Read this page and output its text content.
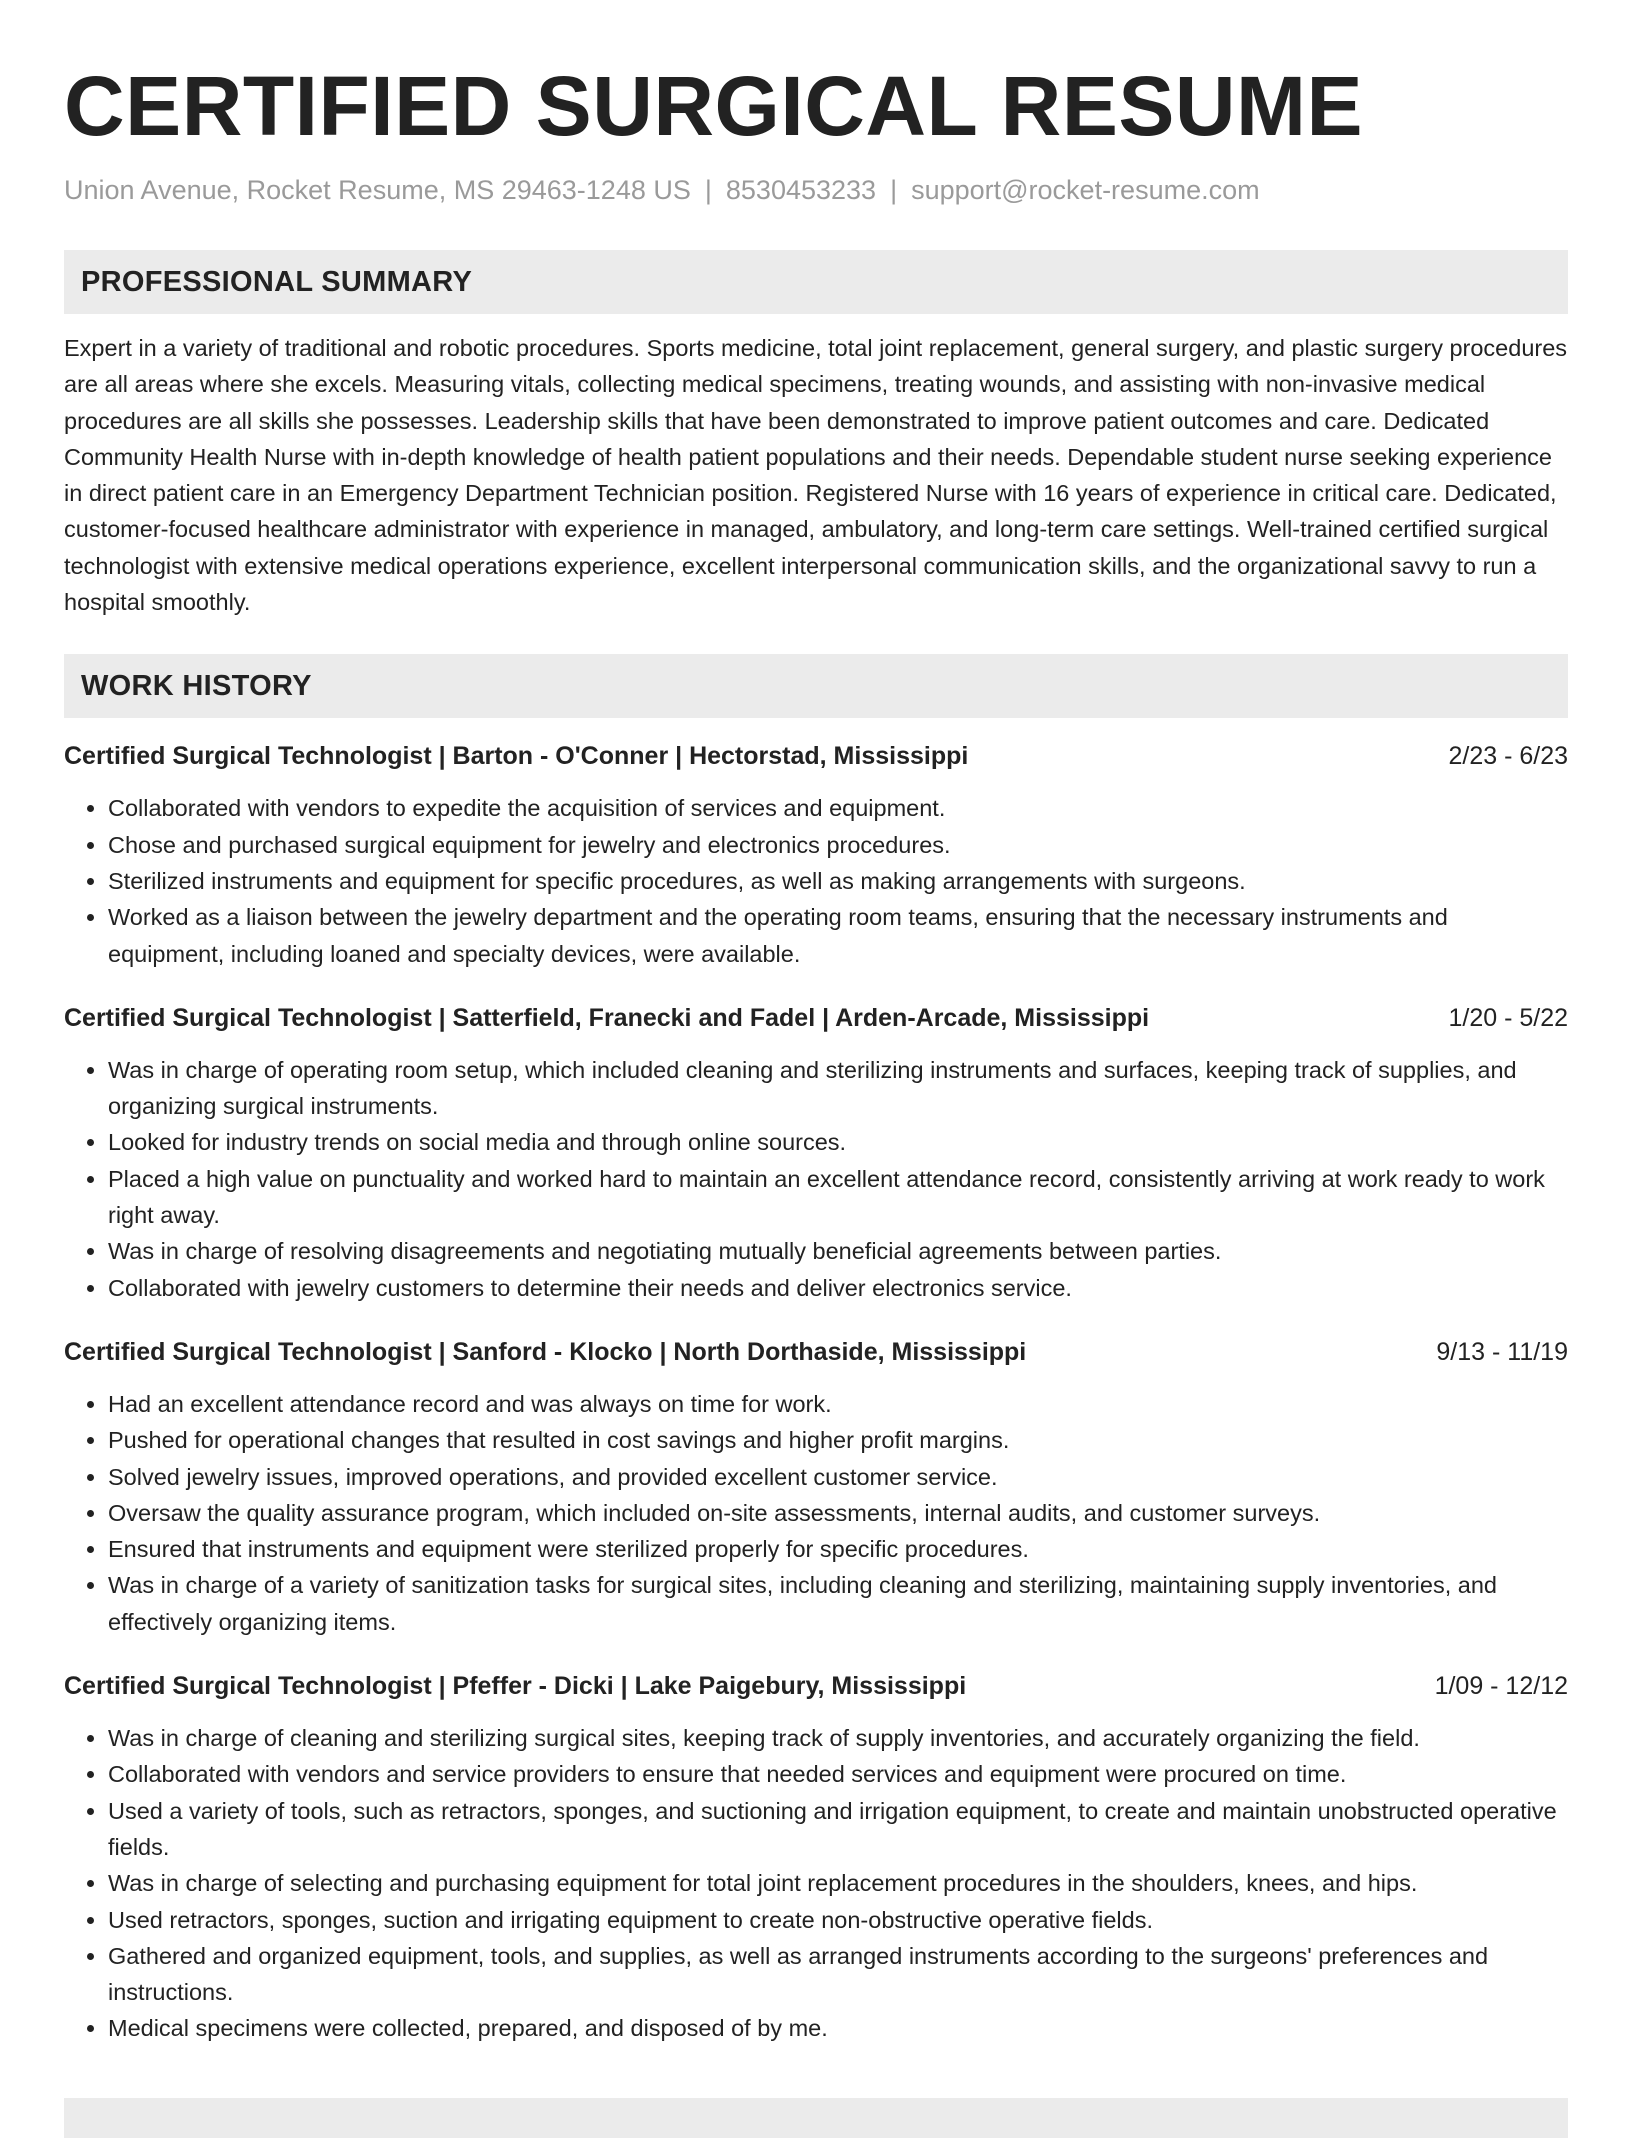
CERTIFIED SURGICAL RESUME
Union Avenue, Rocket Resume, MS 29463-1248 US | 8530453233 | support@rocket-resume.com
PROFESSIONAL SUMMARY
Expert in a variety of traditional and robotic procedures. Sports medicine, total joint replacement, general surgery, and plastic surgery procedures are all areas where she excels. Measuring vitals, collecting medical specimens, treating wounds, and assisting with non-invasive medical procedures are all skills she possesses. Leadership skills that have been demonstrated to improve patient outcomes and care. Dedicated Community Health Nurse with in-depth knowledge of health patient populations and their needs. Dependable student nurse seeking experience in direct patient care in an Emergency Department Technician position. Registered Nurse with 16 years of experience in critical care. Dedicated, customer-focused healthcare administrator with experience in managed, ambulatory, and long-term care settings. Well-trained certified surgical technologist with extensive medical operations experience, excellent interpersonal communication skills, and the organizational savvy to run a hospital smoothly.
WORK HISTORY
Certified Surgical Technologist | Barton - O'Conner | Hectorstad, Mississippi	2/23 - 6/23
• Collaborated with vendors to expedite the acquisition of services and equipment.
• Chose and purchased surgical equipment for jewelry and electronics procedures.
• Sterilized instruments and equipment for specific procedures, as well as making arrangements with surgeons.
• Worked as a liaison between the jewelry department and the operating room teams, ensuring that the necessary instruments and equipment, including loaned and specialty devices, were available.
Certified Surgical Technologist | Satterfield, Franecki and Fadel | Arden-Arcade, Mississippi	1/20 - 5/22
• Was in charge of operating room setup, which included cleaning and sterilizing instruments and surfaces, keeping track of supplies, and organizing surgical instruments.
• Looked for industry trends on social media and through online sources.
• Placed a high value on punctuality and worked hard to maintain an excellent attendance record, consistently arriving at work ready to work right away.
• Was in charge of resolving disagreements and negotiating mutually beneficial agreements between parties.
• Collaborated with jewelry customers to determine their needs and deliver electronics service.
Certified Surgical Technologist | Sanford - Klocko | North Dorthaside, Mississippi	9/13 - 11/19
• Had an excellent attendance record and was always on time for work.
• Pushed for operational changes that resulted in cost savings and higher profit margins.
• Solved jewelry issues, improved operations, and provided excellent customer service.
• Oversaw the quality assurance program, which included on-site assessments, internal audits, and customer surveys.
• Ensured that instruments and equipment were sterilized properly for specific procedures.
• Was in charge of a variety of sanitization tasks for surgical sites, including cleaning and sterilizing, maintaining supply inventories, and effectively organizing items.
Certified Surgical Technologist | Pfeffer - Dicki | Lake Paigebury, Mississippi	1/09 - 12/12
• Was in charge of cleaning and sterilizing surgical sites, keeping track of supply inventories, and accurately organizing the field.
• Collaborated with vendors and service providers to ensure that needed services and equipment were procured on time.
• Used a variety of tools, such as retractors, sponges, and suctioning and irrigation equipment, to create and maintain unobstructed operative fields.
• Was in charge of selecting and purchasing equipment for total joint replacement procedures in the shoulders, knees, and hips.
• Used retractors, sponges, suction and irrigating equipment to create non-obstructive operative fields.
• Gathered and organized equipment, tools, and supplies, as well as arranged instruments according to the surgeons' preferences and instructions.
• Medical specimens were collected, prepared, and disposed of by me.
